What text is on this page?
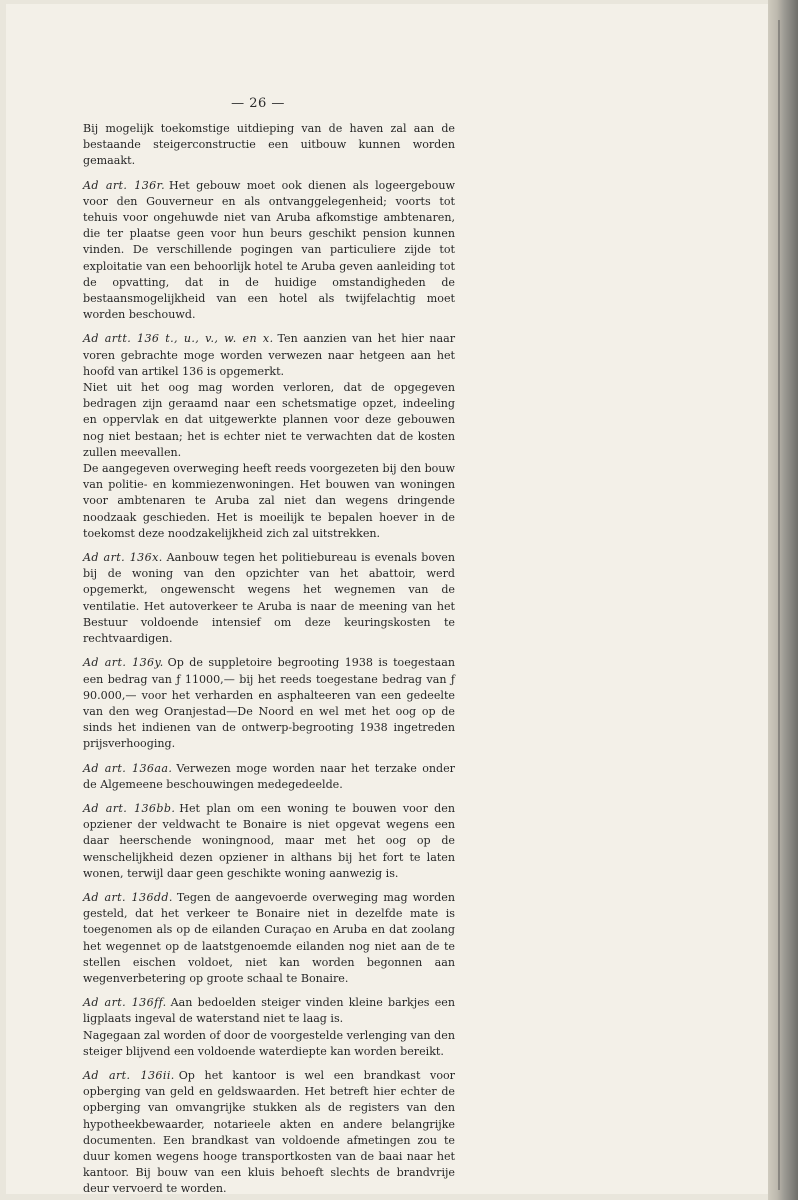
— 26 —

Bij mogelijk toekomstige uitdieping van de haven zal aan de bestaande steigerconstructie een uitbouw kunnen worden gemaakt.

Ad art. 136r. Het gebouw moet ook dienen als logeergebouw voor den Gouverneur en als ontvanggelegenheid; voorts tot tehuis voor ongehuwde niet van Aruba afkomstige ambtenaren, die ter plaatse geen voor hun beurs geschikt pension kunnen vinden. De verschillende pogingen van particuliere zijde tot exploitatie van een behoorlijk hotel te Aruba geven aanleiding tot de opvatting, dat in de huidige omstandigheden de bestaansmogelijkheid van een hotel als twijfelachtig moet worden beschouwd.

Ad artt. 136 t., u., v., w. en x. Ten aanzien van het hier naar voren gebrachte moge worden verwezen naar hetgeen aan het hoofd van artikel 136 is opgemerkt.

Niet uit het oog mag worden verloren, dat de opgegeven bedragen zijn geraamd naar een schetsmatige opzet, indeeling en oppervlak en dat uitgewerkte plannen voor deze gebouwen nog niet bestaan; het is echter niet te verwachten dat de kosten zullen meevallen.

De aangegeven overweging heeft reeds voorgezeten bij den bouw van politie- en kommiezenwoningen. Het bouwen van woningen voor ambtenaren te Aruba zal niet dan wegens dringende noodzaak geschieden. Het is moeilijk te bepalen hoever in de toekomst deze noodzakelijkheid zich zal uitstrekken.

Ad art. 136x. Aanbouw tegen het politiebureau is evenals boven bij de woning van den opzichter van het abattoir, werd opgemerkt, ongewenscht wegens het wegnemen van de ventilatie. Het autoverkeer te Aruba is naar de meening van het Bestuur voldoende intensief om deze keuringskosten te rechtvaardigen.

Ad art. 136y. Op de suppletoire begrooting 1938 is toegestaan een bedrag van ƒ 11000,— bij het reeds toegestane bedrag van ƒ 90.000,— voor het verharden en asphalteeren van een gedeelte van den weg Oranjestad—De Noord en wel met het oog op de sinds het indienen van de ontwerp-begrooting 1938 ingetreden prijsverhooging.

Ad art. 136aa. Verwezen moge worden naar het terzake onder de Algemeene beschouwingen medegedeelde.

Ad art. 136bb. Het plan om een woning te bouwen voor den opziener der veldwacht te Bonaire is niet opgevat wegens een daar heerschende woningnood, maar met het oog op de wenschelijkheid dezen opziener in althans bij het fort te laten wonen, terwijl daar geen geschikte woning aanwezig is.

Ad art. 136dd. Tegen de aangevoerde overweging mag worden gesteld, dat het verkeer te Bonaire niet in dezelfde mate is toegenomen als op de eilanden Curaçao en Aruba en dat zoolang het wegennet op de laatstgenoemde eilanden nog niet aan de te stellen eischen voldoet, niet kan worden begonnen aan wegenverbetering op groote schaal te Bonaire.

Ad art. 136ff. Aan bedoelden steiger vinden kleine barkjes een ligplaats ingeval de waterstand niet te laag is.

Nagegaan zal worden of door de voorgestelde verlenging van den steiger blijvend een voldoende waterdiepte kan worden bereikt.

Ad art. 136ii. Op het kantoor is wel een brandkast voor opberging van geld en geldswaarden. Het betreft hier echter de opberging van omvangrijke stukken als de registers van den hypotheekbewaarder, notarieele akten en andere belangrijke documenten. Een brandkast van voldoende afmetingen zou te duur komen wegens hooge transportkosten van de baai naar het kantoor. Bij bouw van een kluis behoeft slechts de brandvrije deur vervoerd te worden.
